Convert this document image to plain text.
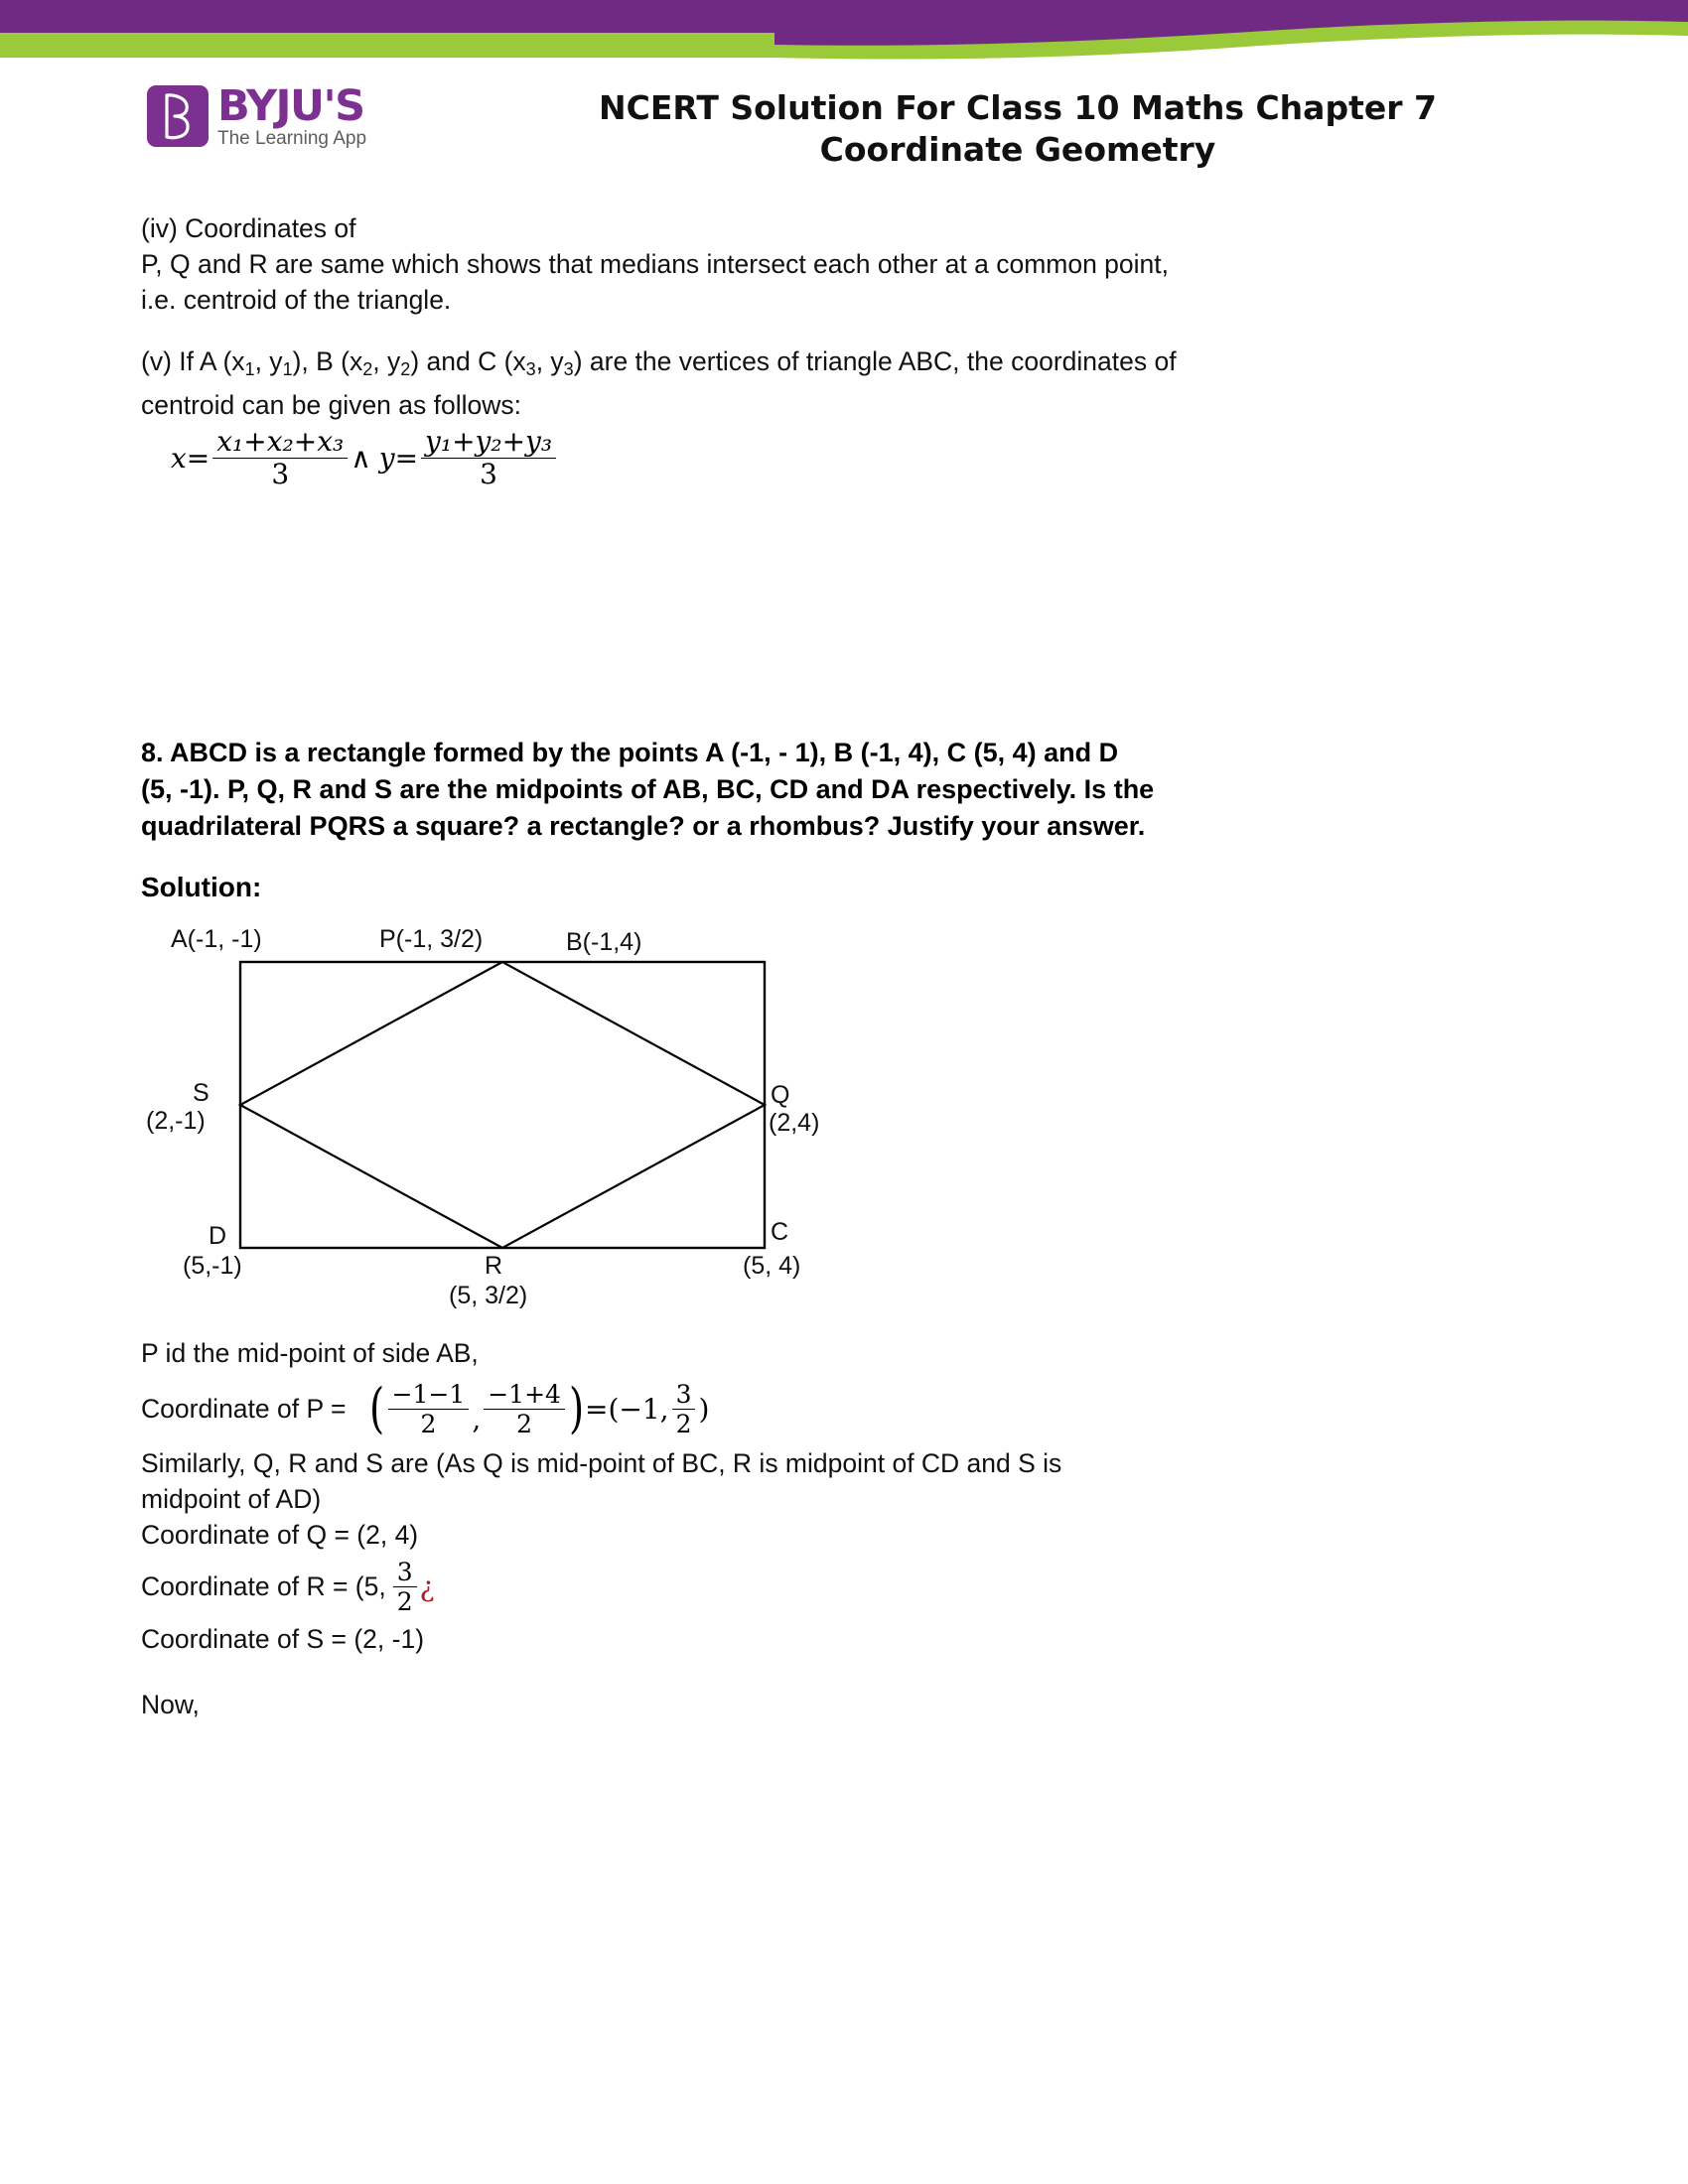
BYJU'S
The Learning App
NCERT Solution For Class 10 Maths Chapter 7
Coordinate Geometry
(iv) Coordinates of
P, Q and R are same which shows that medians intersect each other at a common point,
i.e. centroid of the triangle.
(v) If A ($x_1$, $y_1$), B ($x_2$, $y_2$) and C ($x_3$, $y_3$) are the vertices of triangle ABC, the coordinates of
centroid can be given as follows:
$x = \frac{\text{x₁+x₂+x₃}}{3}$ ∧ $y = \frac{\text{y₁+y₂+y₃}}{3}$
8. ABCD is a rectangle formed by the points A (-1, - 1), B (-1, 4), C (5, 4) and D
(5, -1). P, Q, R and S are the midpoints of AB, BC, CD and DA respectively. Is the
quadrilateral PQRS a square? a rectangle? or a rhombus? Justify your answer.
Solution:
A(-1, -1)	P(-1, 3/2)	B(-1,4)
S
(2,-1)
Q
(2,4)
D
(5,-1)	R
(5, 3/2)
C
(5, 4)
P id the mid-point of side AB,
Coordinate of P = ( $\frac{-1-1}{2}$ , $\frac{-1+4}{2}$ ) =(−1, $\frac{3}{2}$ )
Similarly, Q, R and S are (As Q is mid-point of BC, R is midpoint of CD and S is
midpoint of AD)
Coordinate of Q = (2, 4)
Coordinate of R = (5, $\frac{3}{2}$ ¿
Coordinate of S = (2, -1)
Now,
